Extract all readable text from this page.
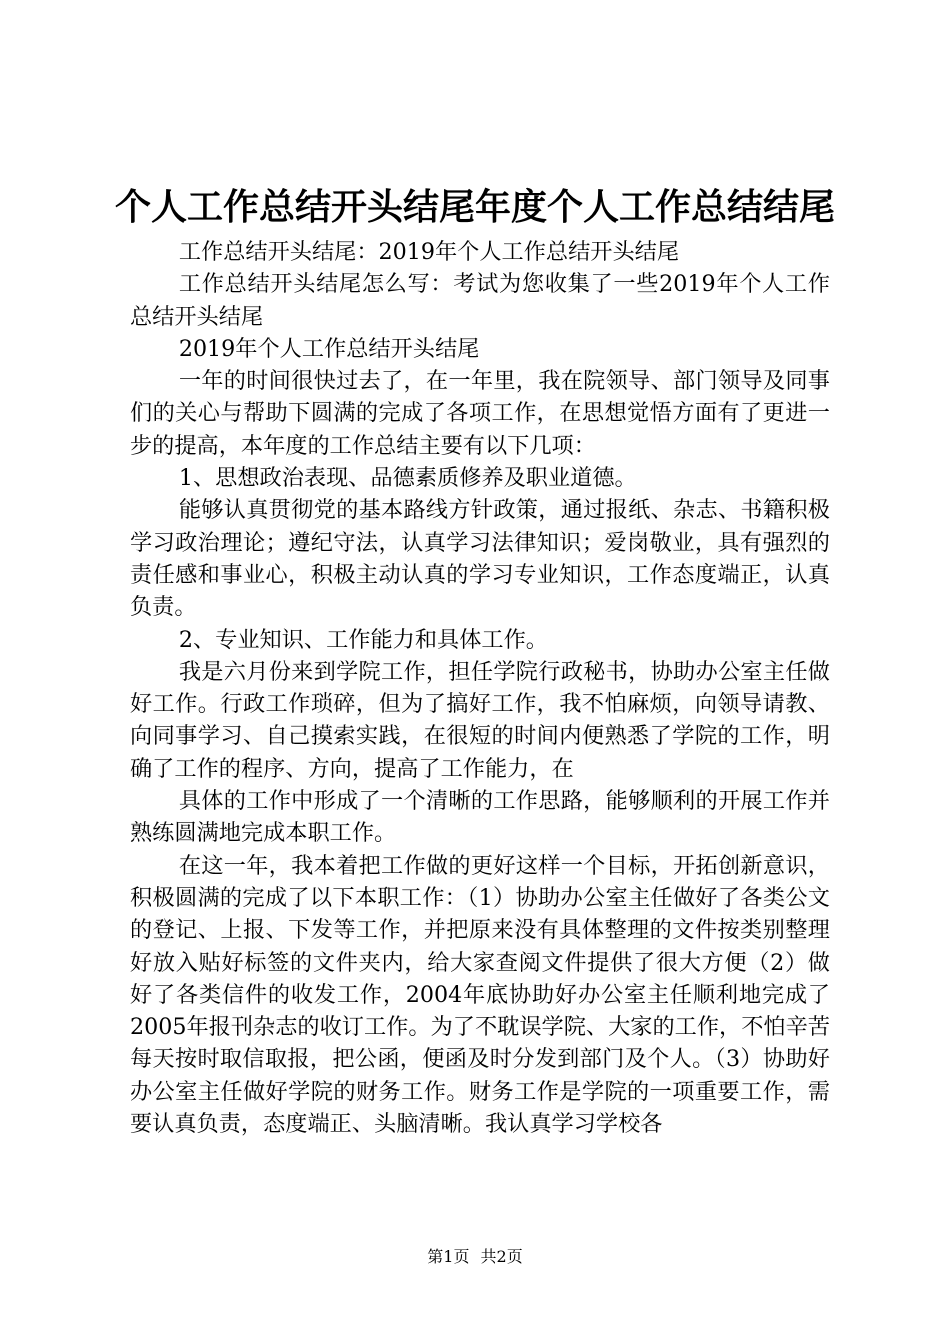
个人工作总结开头结尾年度个人工作总结结尾

工作总结开头结尾：2019年个人工作总结开头结尾

工作总结开头结尾怎么写：考试为您收集了一些2019年个人工作总结开头结尾

2019年个人工作总结开头结尾

一年的时间很快过去了，在一年里，我在院领导、部门领导及同事们的关心与帮助下圆满的完成了各项工作，在思想觉悟方面有了更进一步的提高，本年度的工作总结主要有以下几项：

1、思想政治表现、品德素质修养及职业道德。

能够认真贯彻党的基本路线方针政策，通过报纸、杂志、书籍积极学习政治理论；遵纪守法，认真学习法律知识；爱岗敬业，具有强烈的责任感和事业心，积极主动认真的学习专业知识，工作态度端正，认真负责。

2、专业知识、工作能力和具体工作。

我是六月份来到学院工作，担任学院行政秘书，协助办公室主任做好工作。行政工作琐碎，但为了搞好工作，我不怕麻烦，向领导请教、向同事学习、自己摸索实践，在很短的时间内便熟悉了学院的工作，明确了工作的程序、方向，提高了工作能力，在

具体的工作中形成了一个清晰的工作思路，能够顺利的开展工作并熟练圆满地完成本职工作。

在这一年，我本着把工作做的更好这样一个目标，开拓创新意识，积极圆满的完成了以下本职工作：（1）协助办公室主任做好了各类公文的登记、上报、下发等工作，并把原来没有具体整理的文件按类别整理好放入贴好标签的文件夹内，给大家查阅文件提供了很大方便（2）做好了各类信件的收发工作，2004年底协助好办公室主任顺利地完成了2005年报刊杂志的收订工作。为了不耽误学院、大家的工作，不怕辛苦每天按时取信取报，把公函，便函及时分发到部门及个人。（3）协助好办公室主任做好学院的财务工作。财务工作是学院的一项重要工作，需要认真负责，态度端正、头脑清晰。我认真学习学校各

第1页 共2页
